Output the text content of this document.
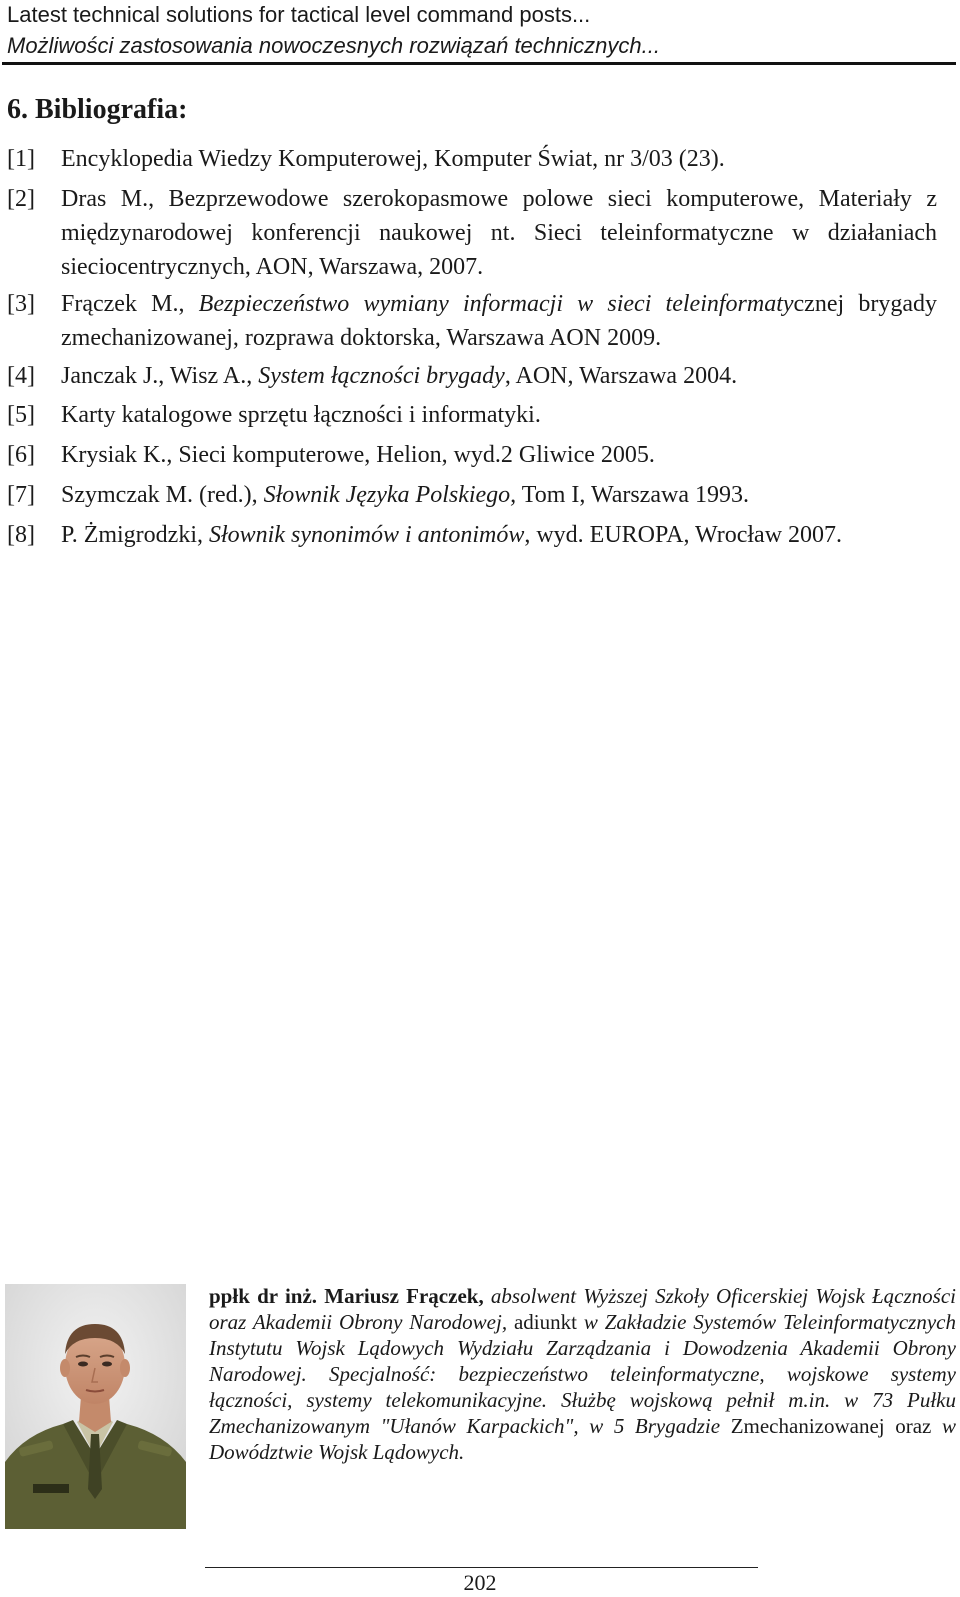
Latest technical solutions for tactical level command posts...
Możliwości zastosowania nowoczesnych rozwiązań technicznych...
6. Bibliografia:
[1] Encyklopedia Wiedzy Komputerowej, Komputer Świat, nr 3/03 (23).
[2] Dras M., Bezprzewodowe szerokopasmowe polowe sieci komputerowe, Materiały z międzynarodowej konferencji naukowej nt. Sieci teleinformatyczne w działaniach sieciocentrycznych, AON, Warszawa, 2007.
[3] Frączek M., Bezpieczeństwo wymiany informacji w sieci teleinformatycznej brygady zmechanizowanej, rozprawa doktorska, Warszawa AON 2009.
[4] Janczak J., Wisz A., System łączności brygady, AON, Warszawa 2004.
[5] Karty katalogowe sprzętu łączności i informatyki.
[6] Krysiak K., Sieci komputerowe, Helion, wyd.2 Gliwice 2005.
[7] Szymczak M. (red.), Słownik Języka Polskiego, Tom I, Warszawa 1993.
[8] P. Żmigrodzki, Słownik synonimów i antonimów, wyd. EUROPA, Wrocław 2007.
ppłk dr inż. Mariusz Frączek, absolwent Wyższej Szkoły Oficerskiej Wojsk Łączności oraz Akademii Obrony Narodowej, adiunkt w Zakładzie Systemów Teleinformatycznych Instytutu Wojsk Lądowych Wydziału Zarządzania i Dowodzenia Akademii Obrony Narodowej. Specjalność: bezpieczeństwo teleinformatyczne, wojskowe systemy łączności, systemy telekomunikacyjne. Służbę wojskową pełnił m.in. w 73 Pułku Zmechanizowanym "Ułanów Karpackich", w 5 Brygadzie Zmechanizowanej oraz w Dowództwie Wojsk Lądowych.
202
